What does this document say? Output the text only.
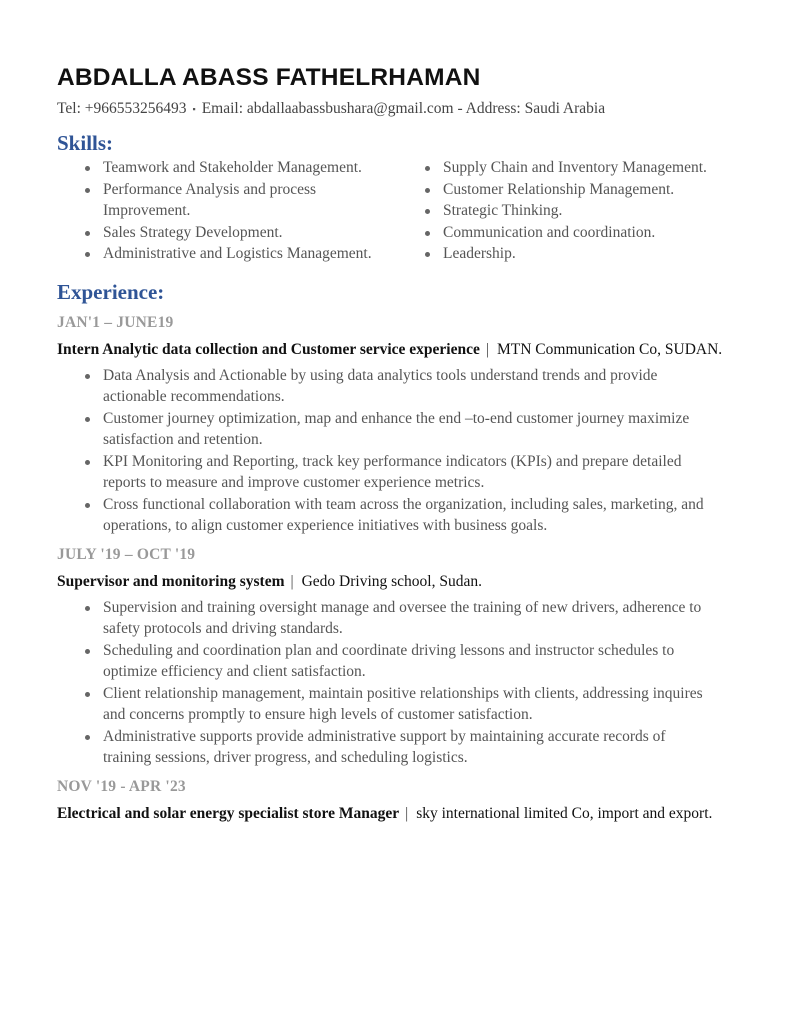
ABDALLA ABASS FATHELRHAMAN
Tel: +966553256493 ▪ Email: abdallaabassbushara@gmail.com - Address: Saudi Arabia
Skills:
Teamwork and Stakeholder Management.
Performance Analysis and process Improvement.
Sales Strategy Development.
Administrative and Logistics Management.
Supply Chain and Inventory Management.
Customer Relationship Management.
Strategic Thinking.
Communication and coordination.
Leadership.
Experience:
JAN'1 – JUNE19
Intern Analytic data collection and Customer service experience | MTN Communication Co, SUDAN.
Data Analysis and Actionable by using data analytics tools understand trends and provide actionable recommendations.
Customer journey optimization, map and enhance the end –to-end customer journey maximize satisfaction and retention.
KPI Monitoring and Reporting, track key performance indicators (KPIs) and prepare detailed reports to measure and improve customer experience metrics.
Cross functional collaboration with team across the organization, including sales, marketing, and operations, to align customer experience initiatives with business goals.
JULY '19 – OCT '19
Supervisor and monitoring system | Gedo Driving school, Sudan.
Supervision and training oversight manage and oversee the training of new drivers, adherence to safety protocols and driving standards.
Scheduling and coordination plan and coordinate driving lessons and instructor schedules to optimize efficiency and client satisfaction.
Client relationship management, maintain positive relationships with clients, addressing inquires and concerns promptly to ensure high levels of customer satisfaction.
Administrative supports provide administrative support by maintaining accurate records of training sessions, driver progress, and scheduling logistics.
NOV '19 - APR '23
Electrical and solar energy specialist store Manager | sky international limited Co, import and export.
